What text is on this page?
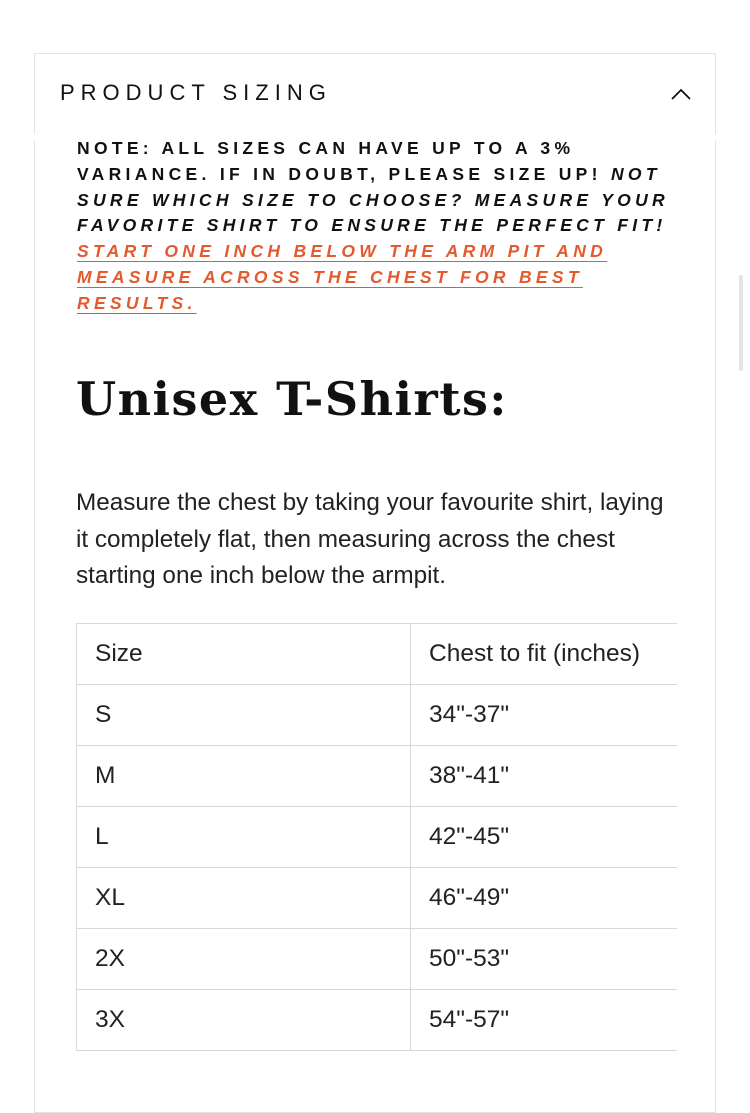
PRODUCT SIZING
NOTE: ALL SIZES CAN HAVE UP TO A 3% VARIANCE. IF IN DOUBT, PLEASE SIZE UP! NOT SURE WHICH SIZE TO CHOOSE? MEASURE YOUR FAVORITE SHIRT TO ENSURE THE PERFECT FIT! START ONE INCH BELOW THE ARM PIT AND MEASURE ACROSS THE CHEST FOR BEST RESULTS.
Unisex T-Shirts:

Measure the chest by taking your favourite shirt, laying it completely flat, then measuring across the chest starting one inch below the armpit.

Size	Chest to fit (inches)
S	34"-37"
M	38"-41"
L	42"-45"
XL	46"-49"
2X	50"-53"
3X	54"-57"
